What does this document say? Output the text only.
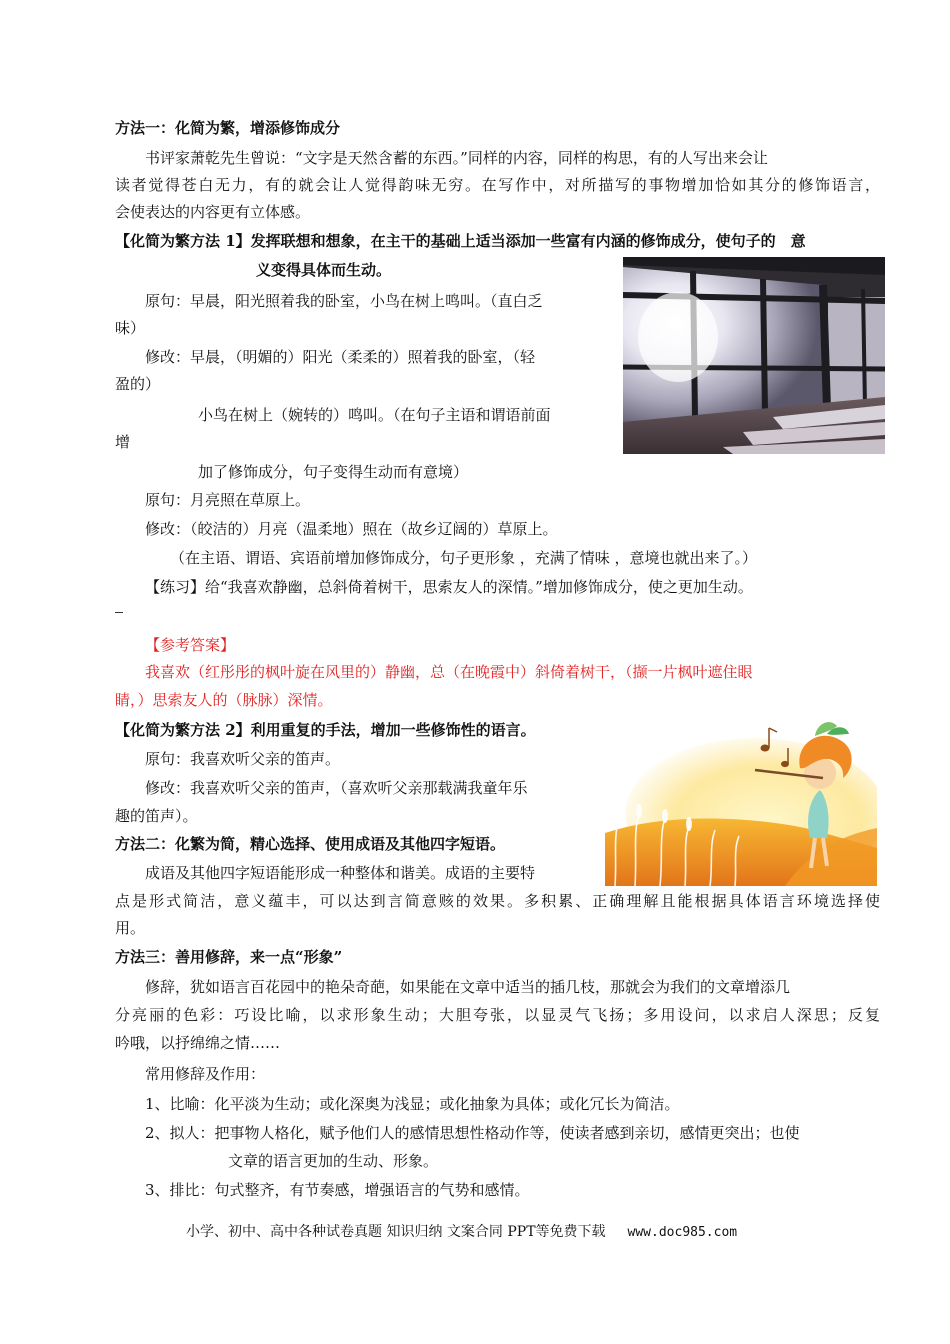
方法一：化简为繁，增添修饰成分
书评家萧乾先生曾说：“文字是天然含蓄的东西。”同样的内容，同样的构思，有的人写出来会让
读者觉得苍白无力，有的就会让人觉得韵味无穷。在写作中，对所描写的事物增加恰如其分的修饰语言，
会使表达的内容更有立体感。
【化简为繁方法 1】发挥联想和想象，在主干的基础上适当添加一些富有内涵的修饰成分，使句子的　意
义变得具体而生动。
原句：早晨，阳光照着我的卧室，小鸟在树上鸣叫。（直白乏
味）
修改：早晨，（明媚的）阳光（柔柔的）照着我的卧室，（轻
盈的）
小鸟在树上（婉转的）鸣叫。（在句子主语和谓语前面
增
加了修饰成分，句子变得生动而有意境）
原句：月亮照在草原上。
修改：（皎洁的）月亮（温柔地）照在（故乡辽阔的）草原上。
（在主语、谓语、宾语前增加修饰成分，句子更形象 ，充满了情味 ，意境也就出来了。）
【练习】给“我喜欢静幽，总斜倚着树干，思索友人的深情。”增加修饰成分，使之更加生动。
【参考答案】
我喜欢（红彤彤的枫叶旋在风里的）静幽，总（在晚霞中）斜倚着树干，（撷一片枫叶遮住眼
睛，）思索友人的（脉脉）深情。
【化简为繁方法 2】利用重复的手法，增加一些修饰性的语言。
原句：我喜欢听父亲的笛声。
修改：我喜欢听父亲的笛声，（喜欢听父亲那载满我童年乐
趣的笛声）。
方法二：化繁为简，精心选择、使用成语及其他四字短语。
成语及其他四字短语能形成一种整体和谐美。成语的主要特
点是形式简洁，意义蕴丰，可以达到言简意赅的效果。多积累、正确理解且能根据具体语言环境选择使
用。
方法三：善用修辞，来一点“形象”
修辞，犹如语言百花园中的艳朵奇葩，如果能在文章中适当的插几枝，那就会为我们的文章增添几
分亮丽的色彩：巧设比喻，以求形象生动；大胆夸张，以显灵气飞扬；多用设问，以求启人深思；反复
吟哦，以抒绵绵之情……
常用修辞及作用：
1、比喻：化平淡为生动；或化深奥为浅显；或化抽象为具体；或化冗长为简洁。
2、拟人：把事物人格化，赋予他们人的感情思想性格动作等，使读者感到亲切，感情更突出；也使
文章的语言更加的生动、形象。
3、排比：句式整齐，有节奏感，增强语言的气势和感情。
小学、初中、高中各种试卷真题 知识归纳 文案合同 PPT等免费下载 www.doc985.com
